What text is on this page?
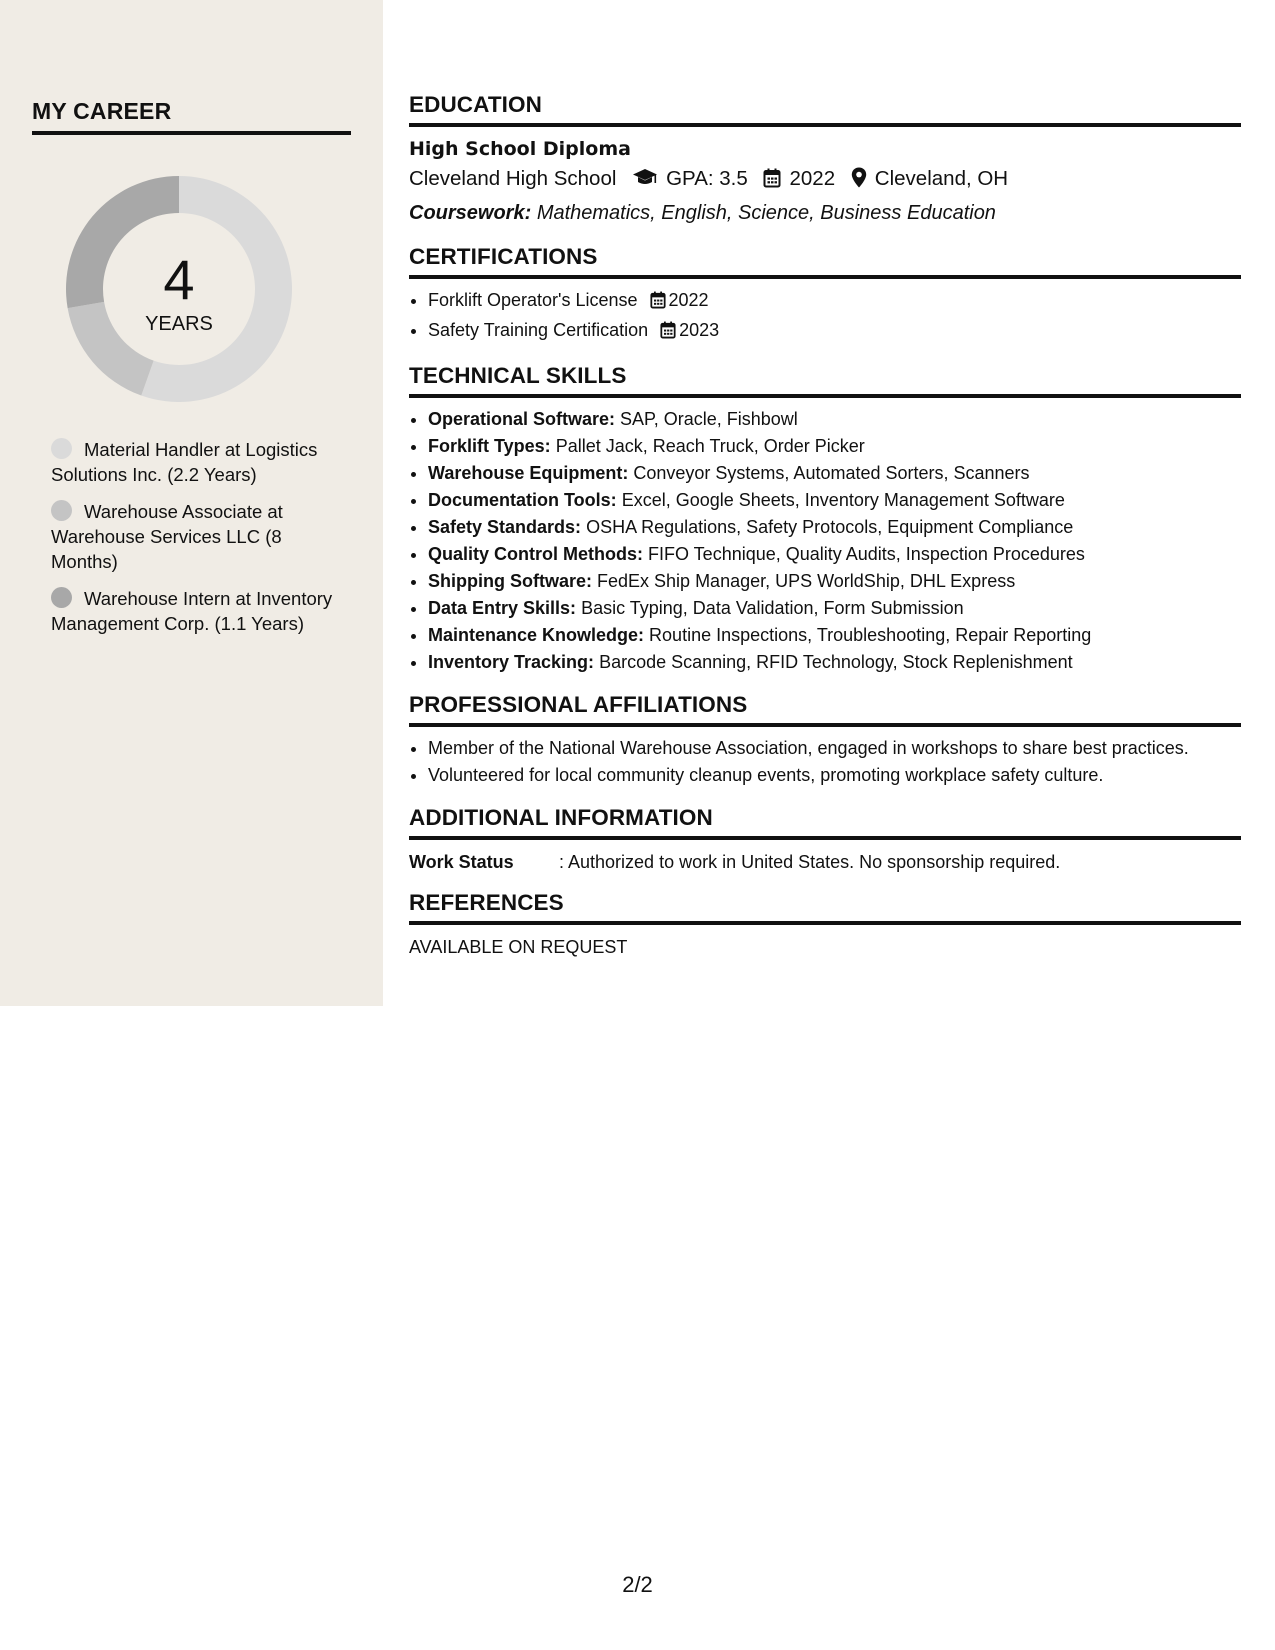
MY CAREER
4
YEARS
Material Handler at Logistics Solutions Inc. (2.2 Years)
Warehouse Associate at Warehouse Services LLC (8 Months)
Warehouse Intern at Inventory Management Corp. (1.1 Years)
EDUCATION
High School Diploma
Cleveland High School GPA: 3.5 2022 Cleveland, OH
Coursework: Mathematics, English, Science, Business Education
CERTIFICATIONS
• Forklift Operator's License 2022
• Safety Training Certification 2023
TECHNICAL SKILLS
• Operational Software: SAP, Oracle, Fishbowl
• Forklift Types: Pallet Jack, Reach Truck, Order Picker
• Warehouse Equipment: Conveyor Systems, Automated Sorters, Scanners
• Documentation Tools: Excel, Google Sheets, Inventory Management Software
• Safety Standards: OSHA Regulations, Safety Protocols, Equipment Compliance
• Quality Control Methods: FIFO Technique, Quality Audits, Inspection Procedures
• Shipping Software: FedEx Ship Manager, UPS WorldShip, DHL Express
• Data Entry Skills: Basic Typing, Data Validation, Form Submission
• Maintenance Knowledge: Routine Inspections, Troubleshooting, Repair Reporting
• Inventory Tracking: Barcode Scanning, RFID Technology, Stock Replenishment
PROFESSIONAL AFFILIATIONS
• Member of the National Warehouse Association, engaged in workshops to share best practices.
• Volunteered for local community cleanup events, promoting workplace safety culture.
ADDITIONAL INFORMATION
Work Status	: Authorized to work in United States. No sponsorship required.
REFERENCES
AVAILABLE ON REQUEST
2/2
